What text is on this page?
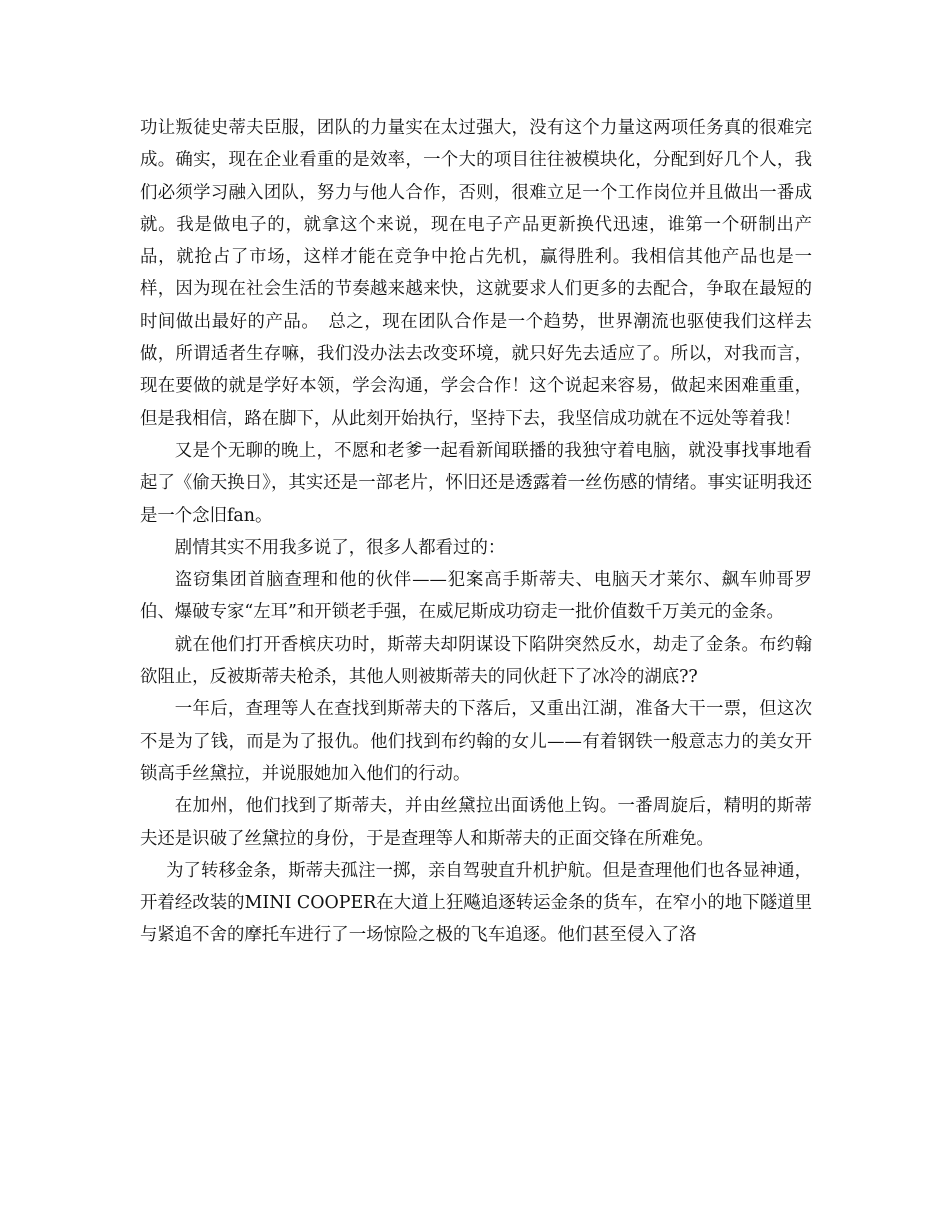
功让叛徒史蒂夫臣服，团队的力量实在太过强大，没有这个力量这两项任务真的很难完成。确实，现在企业看重的是效率，一个大的项目往往被模块化，分配到好几个人，我们必须学习融入团队，努力与他人合作，否则，很难立足一个工作岗位并且做出一番成就。我是做电子的，就拿这个来说，现在电子产品更新换代迅速，谁第一个研制出产品，就抢占了市场，这样才能在竞争中抢占先机，赢得胜利。我相信其他产品也是一样，因为现在社会生活的节奏越来越来快，这就要求人们更多的去配合，争取在最短的时间做出最好的产品。　总之，现在团队合作是一个趋势，世界潮流也驱使我们这样去做，所谓适者生存嘛，我们没办法去改变环境，就只好先去适应了。所以，对我而言，现在要做的就是学好本领，学会沟通，学会合作！这个说起来容易，做起来困难重重，但是我相信，路在脚下，从此刻开始执行，坚持下去，我坚信成功就在不远处等着我！

又是个无聊的晚上，不愿和老爹一起看新闻联播的我独守着电脑，就没事找事地看起了《偷天换日》，其实还是一部老片，怀旧还是透露着一丝伤感的情绪。事实证明我还是一个念旧fan。

剧情其实不用我多说了，很多人都看过的：

盗窃集团首脑查理和他的伙伴——犯案高手斯蒂夫、电脑天才莱尔、飙车帅哥罗伯、爆破专家“左耳”和开锁老手强，在威尼斯成功窃走一批价值数千万美元的金条。

就在他们打开香槟庆功时，斯蒂夫却阴谋设下陷阱突然反水，劫走了金条。布约翰欲阻止，反被斯蒂夫枪杀，其他人则被斯蒂夫的同伙赶下了冰冷的湖底??

一年后，查理等人在查找到斯蒂夫的下落后，又重出江湖，准备大干一票，但这次不是为了钱，而是为了报仇。他们找到布约翰的女儿——有着钢铁一般意志力的美女开锁高手丝黛拉，并说服她加入他们的行动。

在加州，他们找到了斯蒂夫，并由丝黛拉出面诱他上钩。一番周旋后，精明的斯蒂夫还是识破了丝黛拉的身份，于是查理等人和斯蒂夫的正面交锋在所难免。

为了转移金条，斯蒂夫孤注一掷，亲自驾驶直升机护航。但是查理他们也各显神通，开着经改装的MINI COOPER在大道上狂飚追逐转运金条的货车，在窄小的地下隧道里与紧追不舍的摩托车进行了一场惊险之极的飞车追逐。他们甚至侵入了洛
